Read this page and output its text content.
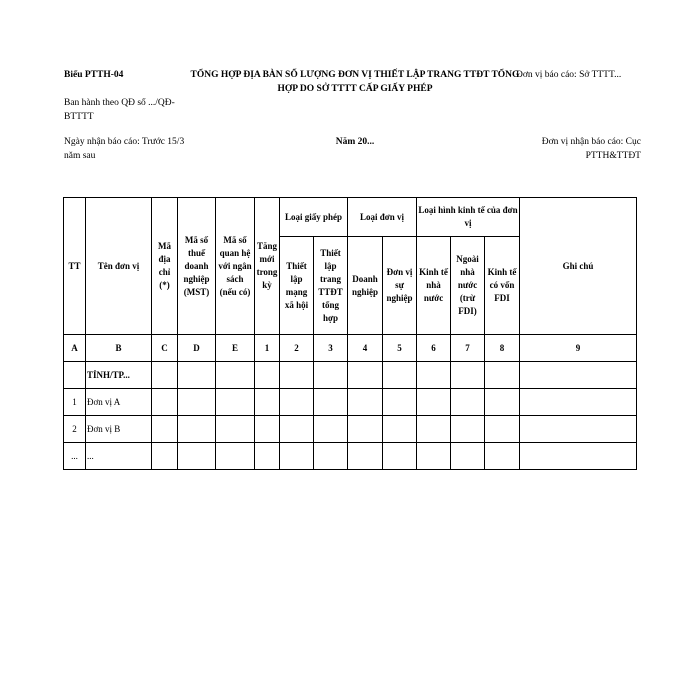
Biểu PTTH-04	TỔNG HỢP ĐỊA BÀN SỐ LƯỢNG ĐƠN VỊ THIẾT LẬP TRANG TTĐT TỔNG HỢP DO SỞ TTTT CẤP GIẤY PHÉP
Đơn vị báo cáo: Sở TTTT...
Ban hành theo QĐ số .../QĐ-BTTTT
Ngày nhận báo cáo: Trước 15/3 năm sau
Năm 20...	Đơn vị nhận báo cáo: Cục PTTH&TTĐT
TT	Tên đơn vị	Mã địa chỉ (*)	Mã số thuế doanh nghiệp (MST)	Mã số quan hệ với ngân sách (nếu có)	Tăng mới trong kỳ	Loại giấy phép		Loại đơn vị		Loại hình kinh tế của đơn vị			Ghi chú
						Thiết lập mạng xã hội	Thiết lập trang TTĐT tổng hợp	Doanh nghiệp	Đơn vị sự nghiệp	Kinh tế nhà nước	Ngoài nhà nước (trừ FDI)	Kinh tế có vốn FDI	
A	B	C	D	E	1	2	3	4	5	6	7	8	9
	TỈNH/TP...												
1	Đơn vị A												
2	Đơn vị B												
...	...												
